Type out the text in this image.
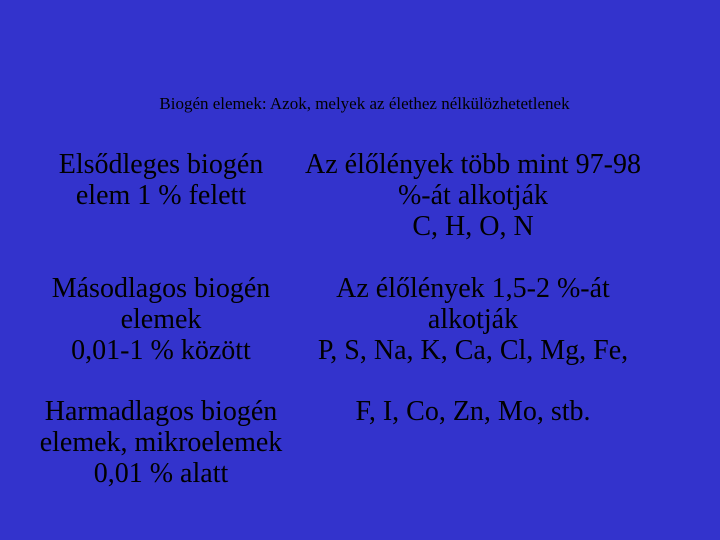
Biogén elemek: Azok, melyek az élethez nélkülözhetetlenek
Elsődleges biogén
elem 1 % felett
Az élőlények több mint 97-98
%-át alkotják
C, H, O, N
Másodlagos biogén
elemek
0,01-1 % között
Az élőlények 1,5-2 %-át
alkotják
P, S, Na, K, Ca, Cl, Mg, Fe,
Harmadlagos biogén
elemek, mikroelemek
0,01 % alatt
F, I, Co, Zn, Mo, stb.
